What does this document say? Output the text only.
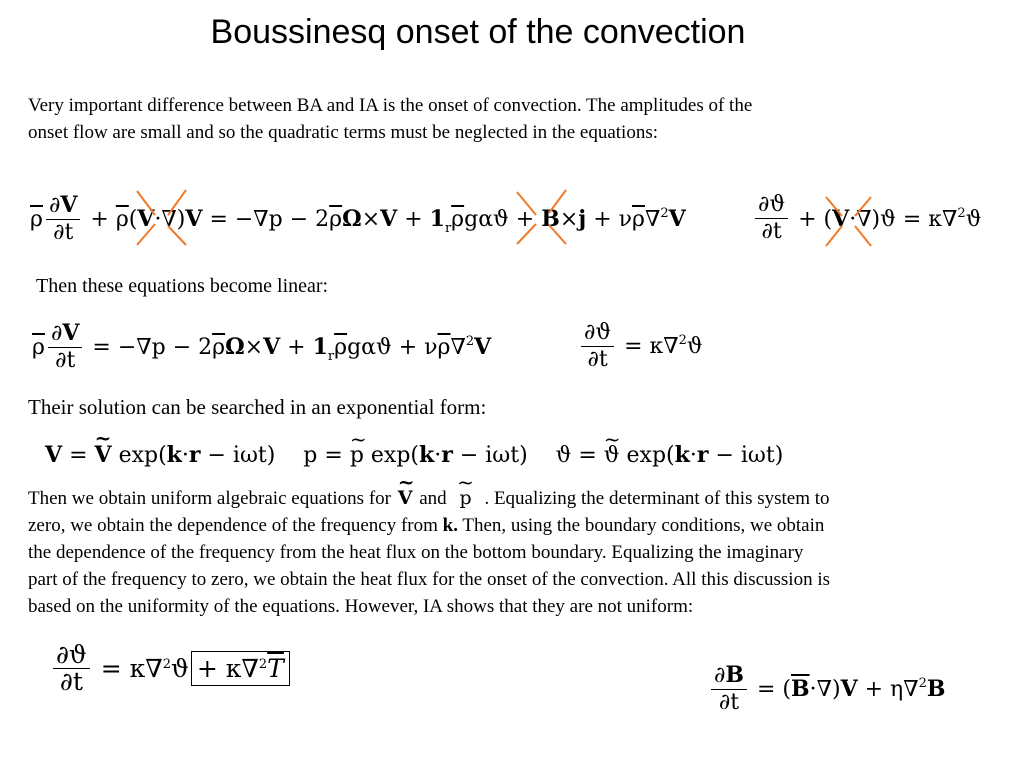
Boussinesq onset of the convection

Very important difference between BA and IA is the onset of convection. The amplitudes of the
onset flow are small and so the quadratic terms must be neglected in the equations:

$\overline{\rho} \frac{\partial V}{\partial t} + \overline{\rho}(V\cdot\nabla)V = -\nabla p - 2\overline{\rho}\Omega\times V + 1_r\overline{\rho}g\alpha ϑ + B\times j + \nu\overline{\rho}\nabla^2V$	$\frac{\partial ϑ}{\partial t} + (V\cdot\nabla)ϑ = \kappa\nabla^2ϑ$
Then these equations become linear:
$\overline{\rho} \frac{\partial V}{\partial t} = -\nabla p - 2\overline{\rho}\Omega\times V + 1_r\overline{\rho}g\alpha ϑ + \nu\overline{\rho}\nabla^2V$	$\frac{\partial ϑ}{\partial t} = \kappa\nabla^2ϑ$
Their solution can be searched in an exponential form:
V = ~ V exp(k·r − iωt)    p = ~ p exp(k·r − iωt)    ϑ = ~ ϑ exp(k·r − iωt)
Then we obtain uniform algebraic equations for ~ V and ~  p  . Equalizing the determinant of this system to
zero, we obtain the dependence of the frequency from k. Then, using the boundary conditions, we obtain
the dependence of the frequency from the heat flux on the bottom boundary. Equalizing the imaginary
part of the frequency to zero, we obtain the heat flux for the onset of the convection. All this discussion is
based on the uniformity of the equations. However, IA shows that they are not uniform:
$\frac{\partial ϑ}{\partial t} = \kappa\nabla^2ϑ + \kappa\nabla^2\overline{T}$	$\frac{\partial B}{\partial t} = (\overline{B}\cdot\nabla)V + \eta\nabla^2B$
